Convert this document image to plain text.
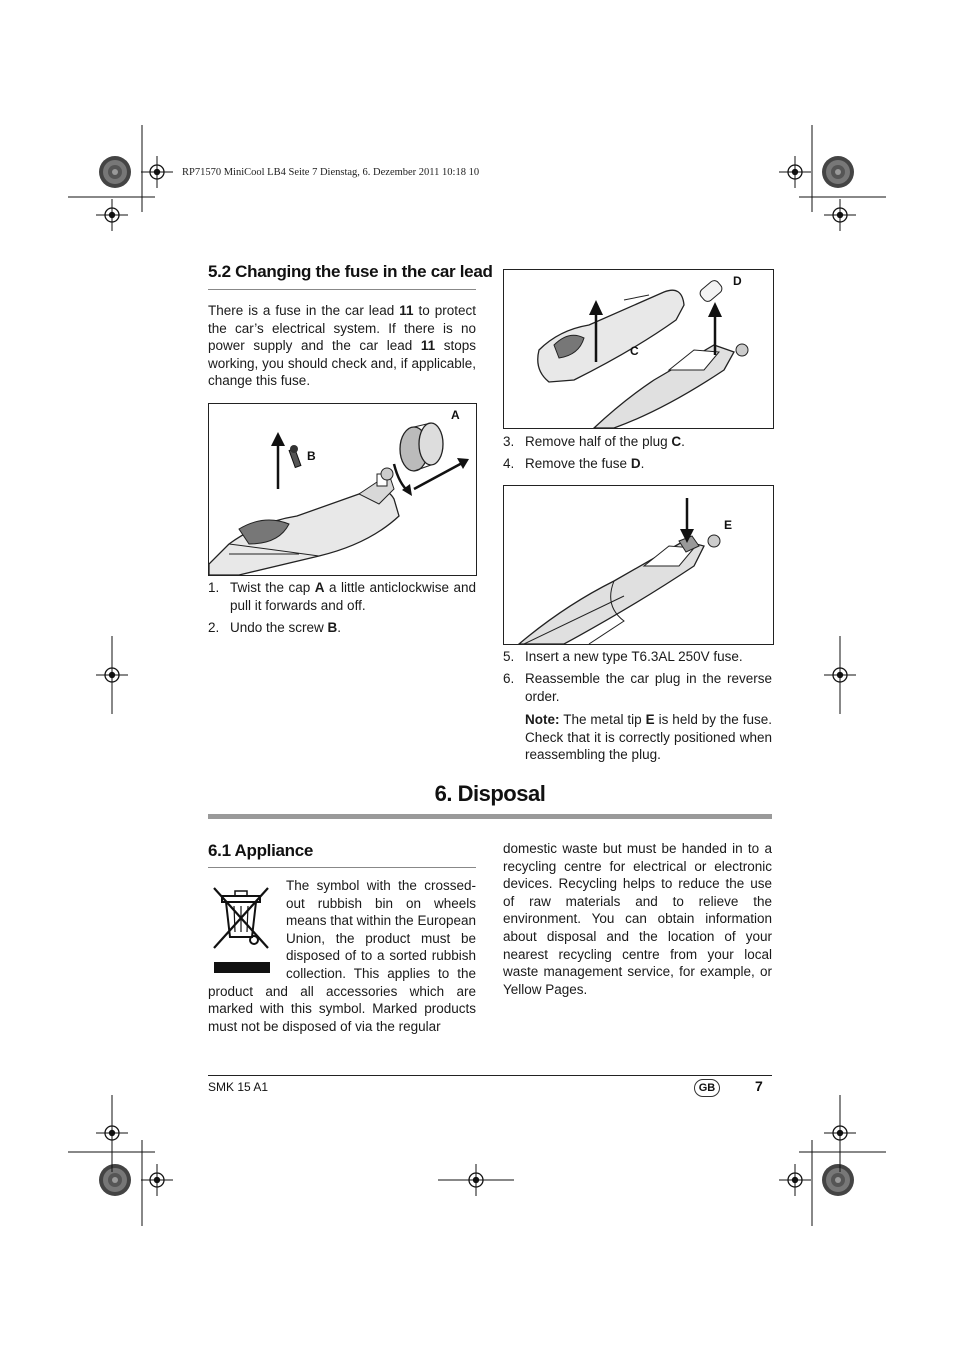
RP71570 MiniCool LB4 Seite 7 Dienstag, 6. Dezember 2011 10:18 10
5.2 Changing the fuse in the car lead
There is a fuse in the car lead 11 to protect the car’s electrical system. If there is no power supply and the car lead 11 stops working, you should check and, if applicable, change this fuse.
A
B
1. Twist the cap A a little anticlockwise and pull it forwards and off.
2. Undo the screw B.
D
C
3. Remove half of the plug C.
4. Remove the fuse D.
E
5. Insert a new type T6.3AL 250V fuse.
6. Reassemble the car plug in the reverse order.
Note: The metal tip E is held by the fuse. Check that it is correctly positioned when reassembling the plug.
6. Disposal
6.1 Appliance
The symbol with the crossed-out rubbish bin on wheels means that within the European Union, the product must be disposed of to a sorted rubbish collection. This applies to the product and all accessories which are marked with this symbol. Marked products must not be disposed of via the regular
domestic waste but must be handed in to a recycling centre for electrical or electronic devices. Recycling helps to reduce the use of raw materials and to relieve the environment. You can obtain information about disposal and the location of your nearest recycling centre from your local waste management service, for example, or Yellow Pages.
SMK 15 A1	GB	7
